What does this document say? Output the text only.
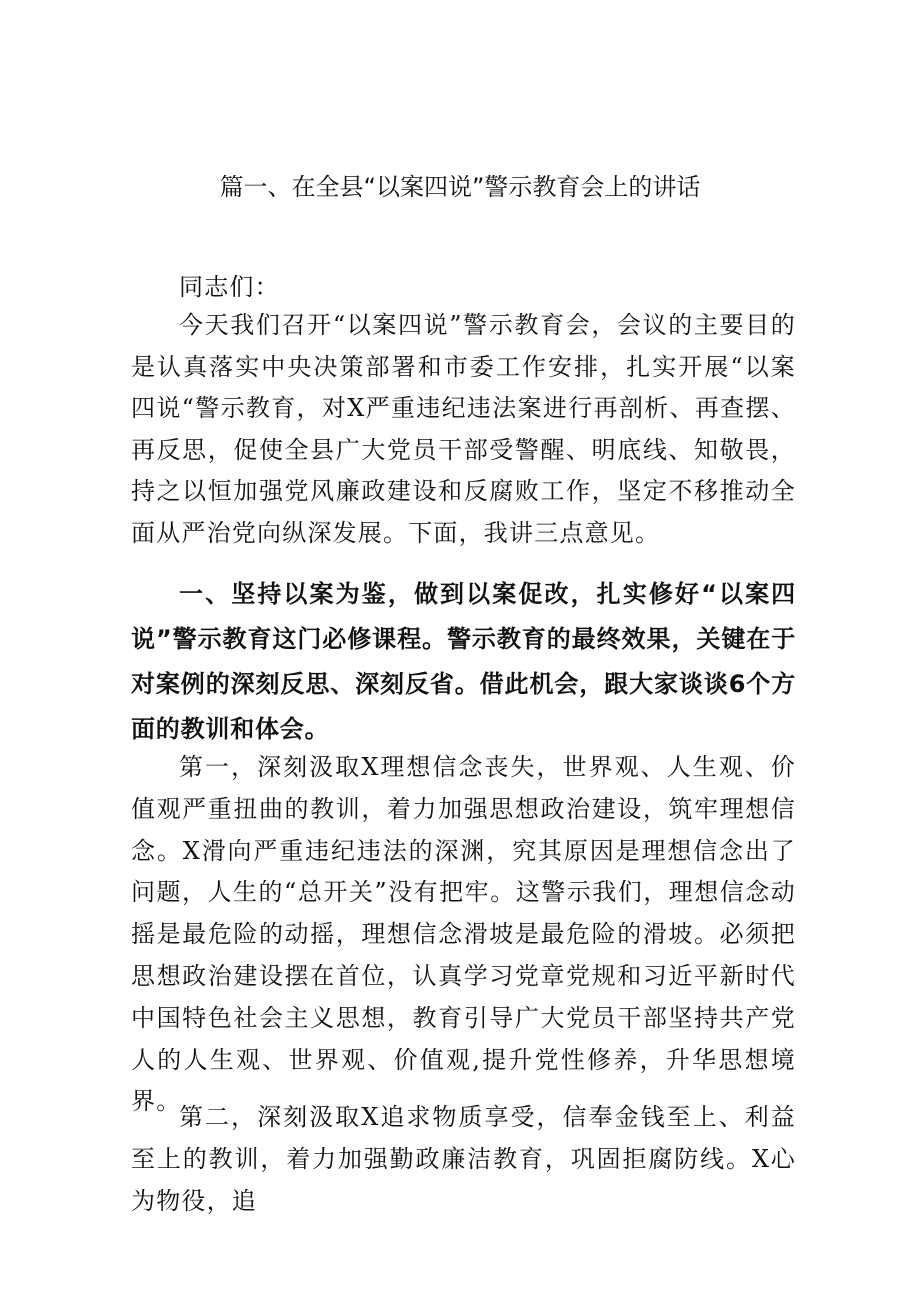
篇一、在全县“以案四说”警示教育会上的讲话
同志们：
今天我们召开“以案四说”警示教育会，会议的主要目的是认真落实中央决策部署和市委工作安排，扎实开展“以案四说“警示教育，对X严重违纪违法案进行再剖析、再查摆、再反思，促使全县广大党员干部受警醒、明底线、知敬畏，持之以恒加强党风廉政建设和反腐败工作，坚定不移推动全面从严治党向纵深发展。下面，我讲三点意见。
一、坚持以案为鉴，做到以案促改，扎实修好“以案四说”警示教育这门必修课程。警示教育的最终效果，关键在于对案例的深刻反思、深刻反省。借此机会，跟大家谈谈6个方面的教训和体会。
第一，深刻汲取X理想信念丧失，世界观、人生观、价值观严重扭曲的教训，着力加强思想政治建设，筑牢理想信念。X滑向严重违纪违法的深渊，究其原因是理想信念出了问题，人生的“总开关”没有把牢。这警示我们，理想信念动摇是最危险的动摇，理想信念滑坡是最危险的滑坡。必须把思想政治建设摆在首位，认真学习党章党规和习近平新时代中国特色社会主义思想，教育引导广大党员干部坚持共产党人的人生观、世界观、价值观,提升党性修养，升华思想境界。
第二，深刻汲取X追求物质享受，信奉金钱至上、利益至上的教训，着力加强勤政廉洁教育，巩固拒腐防线。X心为物役，追
